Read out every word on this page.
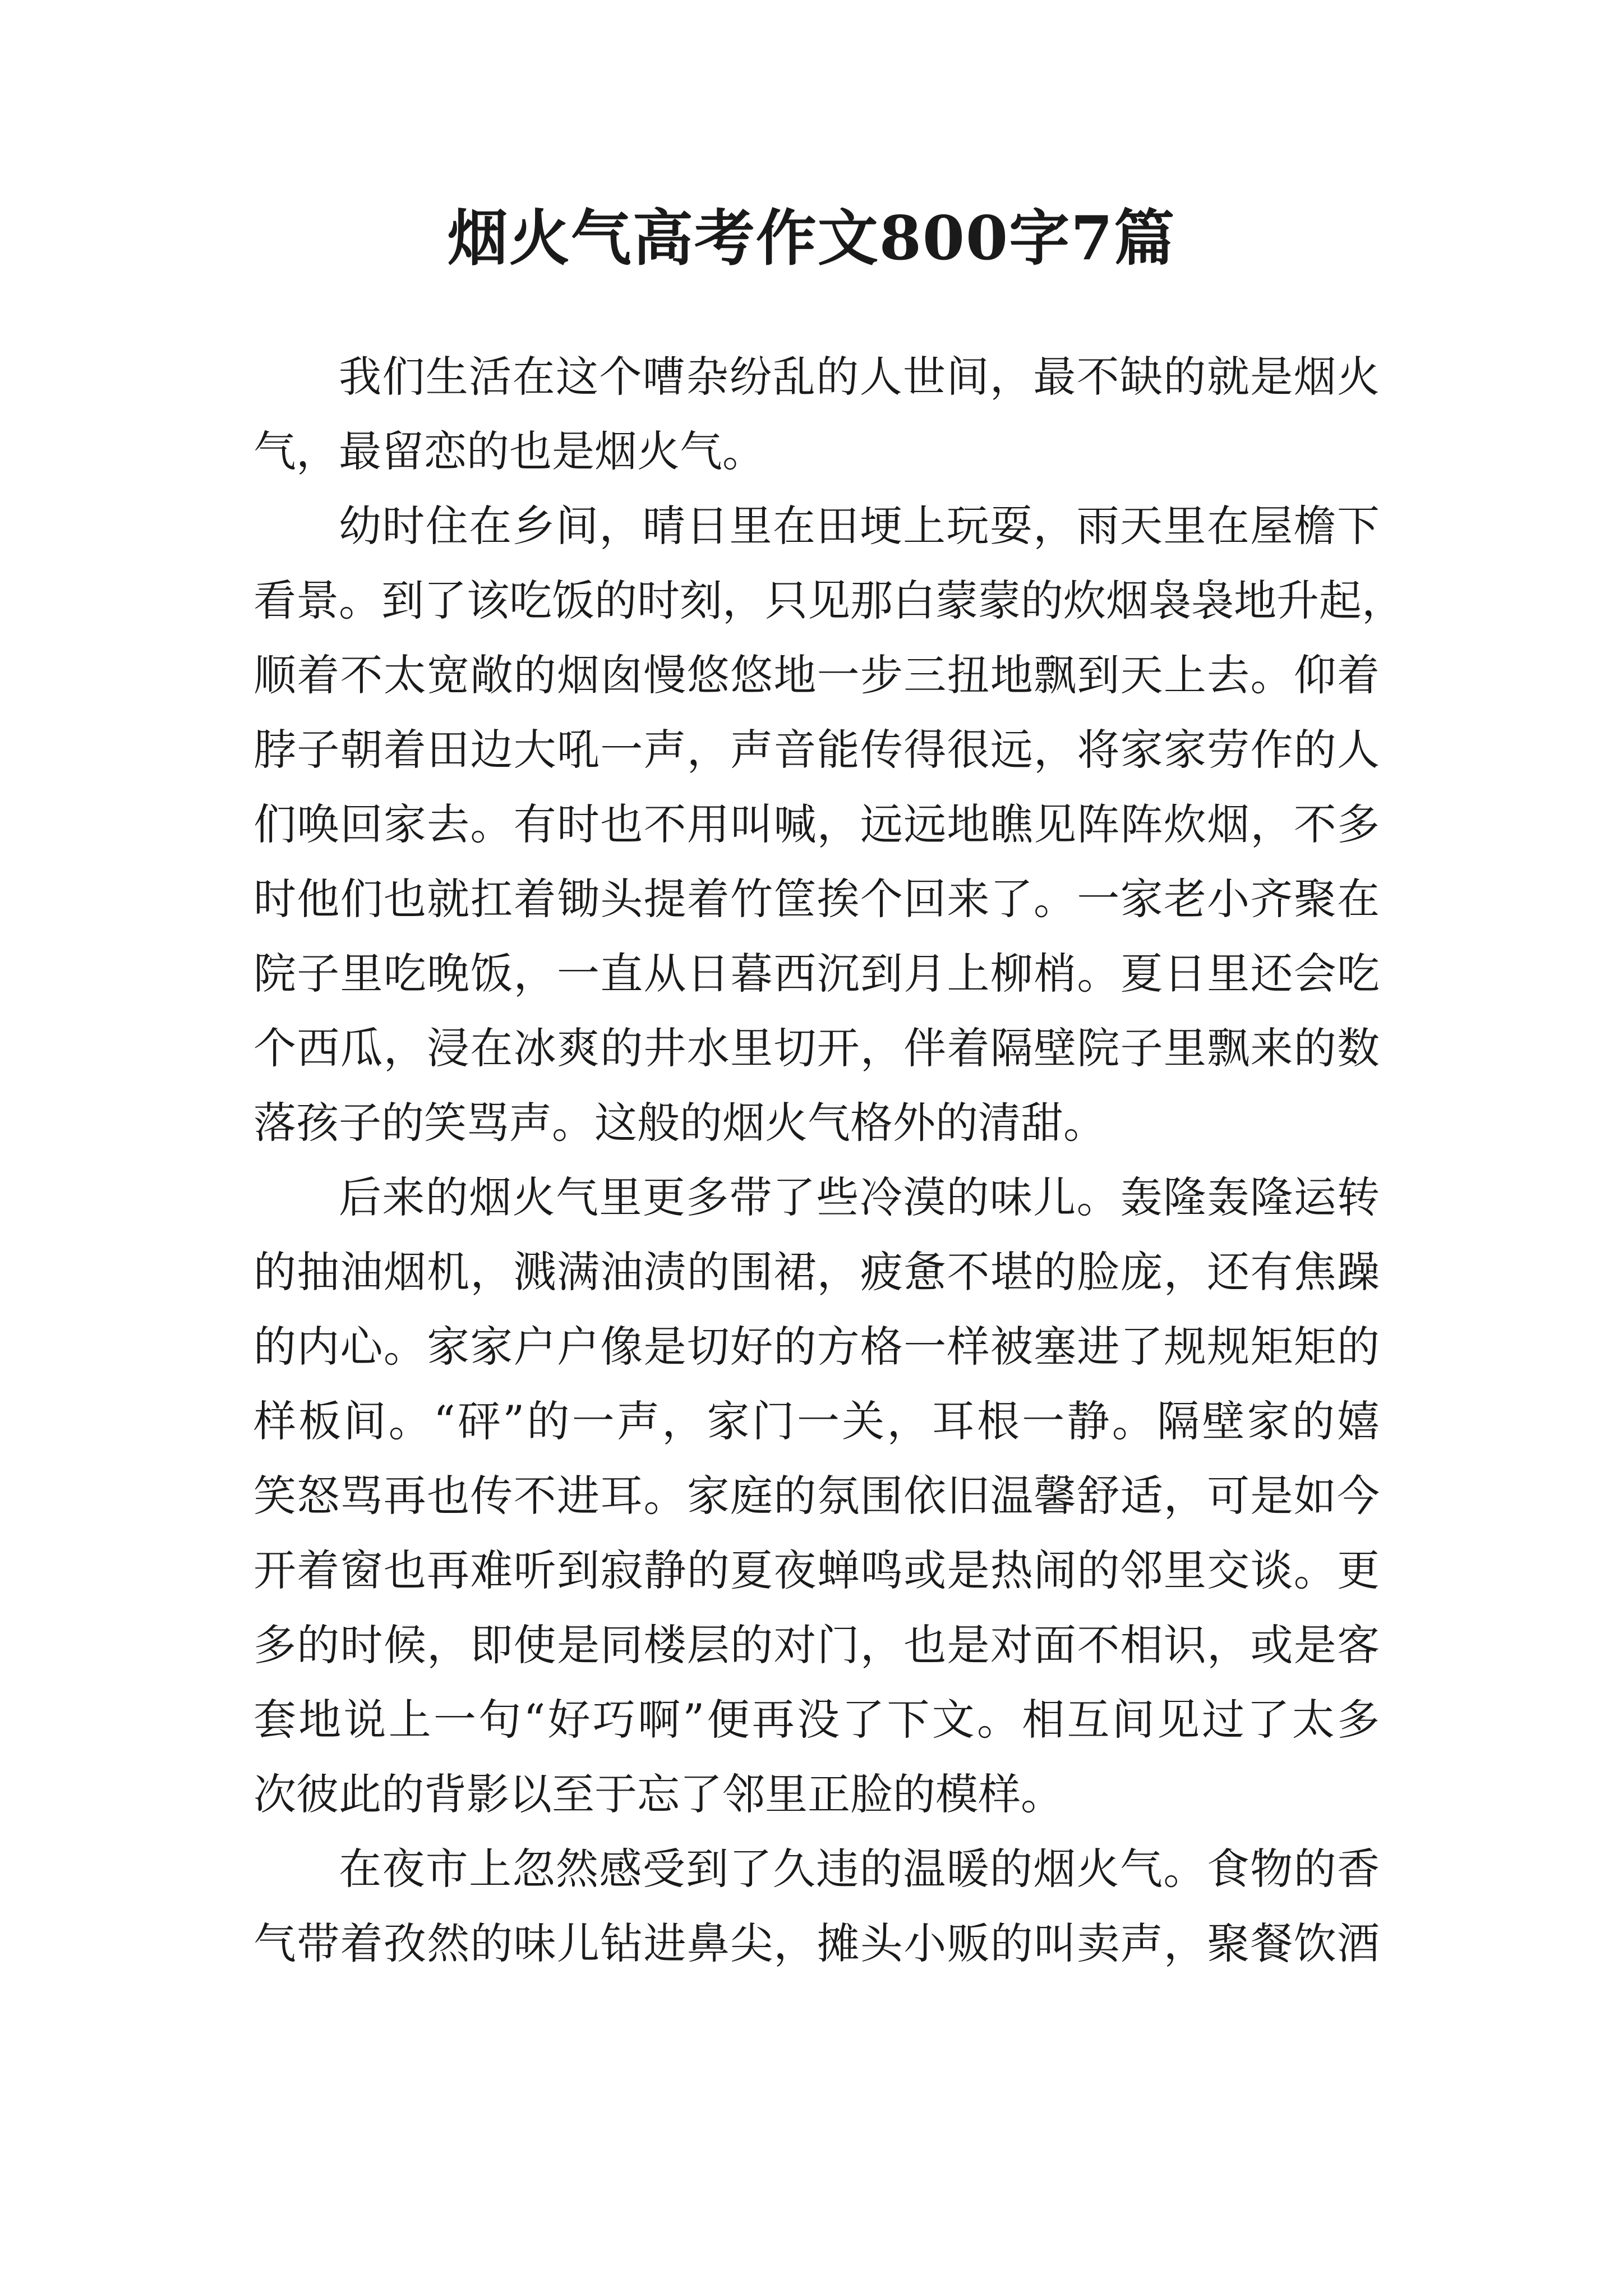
烟火气高考作文800字7篇

我们生活在这个嘈杂纷乱的人世间，最不缺的就是烟火

气，最留恋的也是烟火气。

幼时住在乡间，晴日里在田埂上玩耍，雨天里在屋檐下

看景。到了该吃饭的时刻，只见那白蒙蒙的炊烟袅袅地升起，

顺着不太宽敞的烟囱慢悠悠地一步三扭地飘到天上去。仰着

脖子朝着田边大吼一声，声音能传得很远，将家家劳作的人

们唤回家去。有时也不用叫喊，远远地瞧见阵阵炊烟，不多

时他们也就扛着锄头提着竹筐挨个回来了。一家老小齐聚在

院子里吃晚饭，一直从日暮西沉到月上柳梢。夏日里还会吃

个西瓜，浸在冰爽的井水里切开，伴着隔壁院子里飘来的数

落孩子的笑骂声。这般的烟火气格外的清甜。

后来的烟火气里更多带了些冷漠的味儿。轰隆轰隆运转

的抽油烟机，溅满油渍的围裙，疲惫不堪的脸庞，还有焦躁

的内心。家家户户像是切好的方格一样被塞进了规规矩矩的

样板间。“砰”的一声，家门一关，耳根一静。隔壁家的嬉

笑怒骂再也传不进耳。家庭的氛围依旧温馨舒适，可是如今

开着窗也再难听到寂静的夏夜蝉鸣或是热闹的邻里交谈。更

多的时候，即使是同楼层的对门，也是对面不相识，或是客

套地说上一句“好巧啊”便再没了下文。相互间见过了太多

次彼此的背影以至于忘了邻里正脸的模样。

在夜市上忽然感受到了久违的温暖的烟火气。食物的香

气带着孜然的味儿钻进鼻尖，摊头小贩的叫卖声，聚餐饮酒
